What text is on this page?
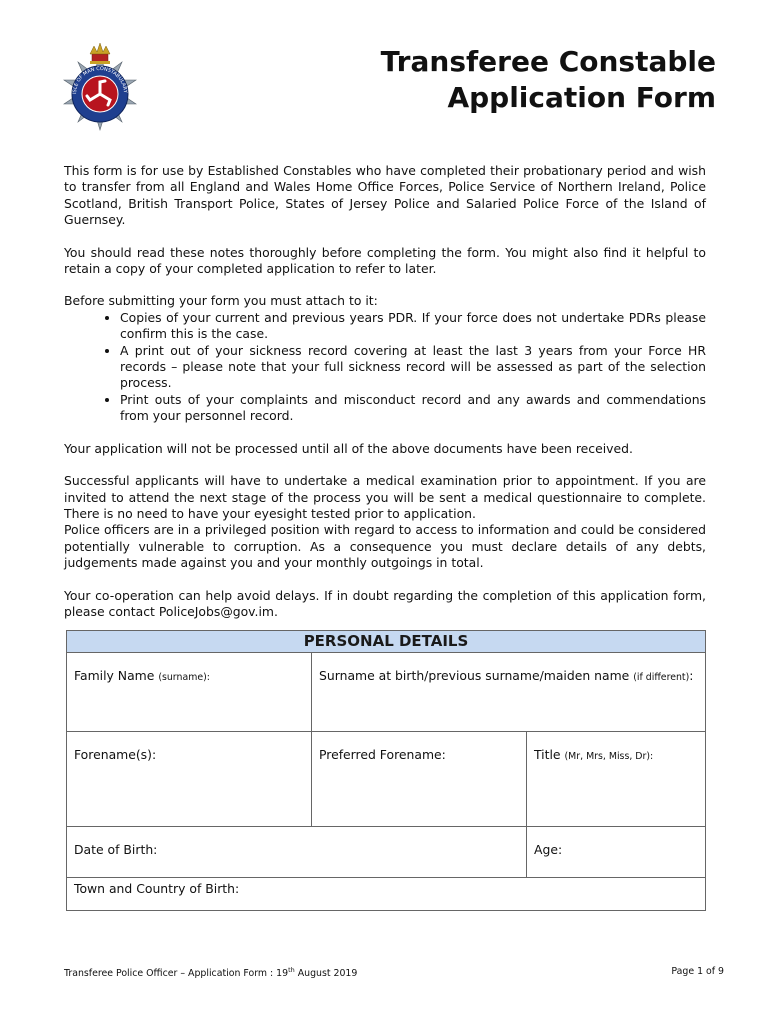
ISLE OF MAN CONSTABULARY
Transferee Constable
Application Form

This form is for use by Established Constables who have completed their probationary period and wish to transfer from all England and Wales Home Office Forces, Police Service of Northern Ireland, Police Scotland, British Transport Police, States of Jersey Police and Salaried Police Force of the Island of Guernsey.

You should read these notes thoroughly before completing the form. You might also find it helpful to retain a copy of your completed application to refer to later.

Before submitting your form you must attach to it:

• Copies of your current and previous years PDR. If your force does not undertake PDRs please confirm this is the case.
• A print out of your sickness record covering at least the last 3 years from your Force HR records – please note that your full sickness record will be assessed as part of the selection process.
• Print outs of your complaints and misconduct record and any awards and commendations from your personnel record.

Your application will not be processed until all of the above documents have been received.

Successful applicants will have to undertake a medical examination prior to appointment. If you are invited to attend the next stage of the process you will be sent a medical questionnaire to complete. There is no need to have your eyesight tested prior to application.

Police officers are in a privileged position with regard to access to information and could be considered potentially vulnerable to corruption. As a consequence you must declare details of any debts, judgements made against you and your monthly outgoings in total.

Your co-operation can help avoid delays. If in doubt regarding the completion of this application form, please contact PoliceJobs@gov.im.

PERSONAL DETAILS
Family Name (surname):	Surname at birth/previous surname/maiden name (if different):
Forename(s):	Preferred Forename:	Title (Mr, Mrs, Miss, Dr):
Date of Birth:	Age:
Town and Country of Birth:
Transferee Police Officer – Application Form : 19th August 2019	Page 1 of 9
